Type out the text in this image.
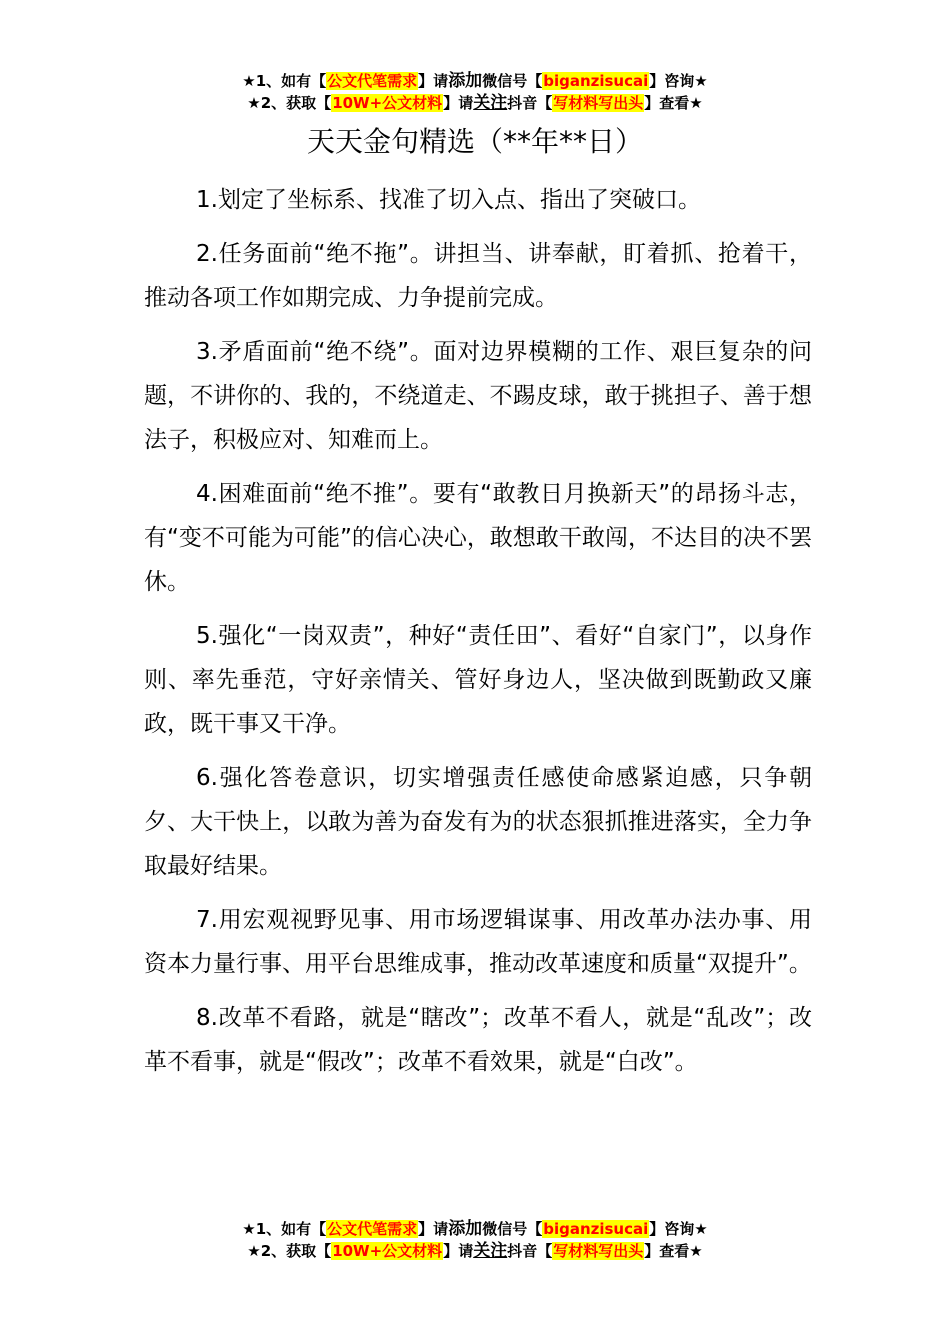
★1、如有【公文代笔需求】请添加微信号【biganzisucai】咨询★
★2、获取【10W+公文材料】请关注抖音【写材料写出头】查看★
天天金句精选（**年**日）

1.划定了坐标系、找准了切入点、指出了突破口。

2.任务面前“绝不拖”。讲担当、讲奉献，盯着抓、抢着干，推动各项工作如期完成、力争提前完成。

3.矛盾面前“绝不绕”。面对边界模糊的工作、艰巨复杂的问题，不讲你的、我的，不绕道走、不踢皮球，敢于挑担子、善于想法子，积极应对、知难而上。

4.困难面前“绝不推”。要有“敢教日月换新天”的昂扬斗志，有“变不可能为可能”的信心决心，敢想敢干敢闯，不达目的决不罢休。

5.强化“一岗双责”，种好“责任田”、看好“自家门”，以身作则、率先垂范，守好亲情关、管好身边人，坚决做到既勤政又廉政，既干事又干净。

6.强化答卷意识，切实增强责任感使命感紧迫感，只争朝夕、大干快上，以敢为善为奋发有为的状态狠抓推进落实，全力争取最好结果。

7.用宏观视野见事、用市场逻辑谋事、用改革办法办事、用资本力量行事、用平台思维成事，推动改革速度和质量“双提升”。

8.改革不看路，就是“瞎改”；改革不看人，就是“乱改”；改革不看事，就是“假改”；改革不看效果，就是“白改”。

★1、如有【公文代笔需求】请添加微信号【biganzisucai】咨询★
★2、获取【10W+公文材料】请关注抖音【写材料写出头】查看★
